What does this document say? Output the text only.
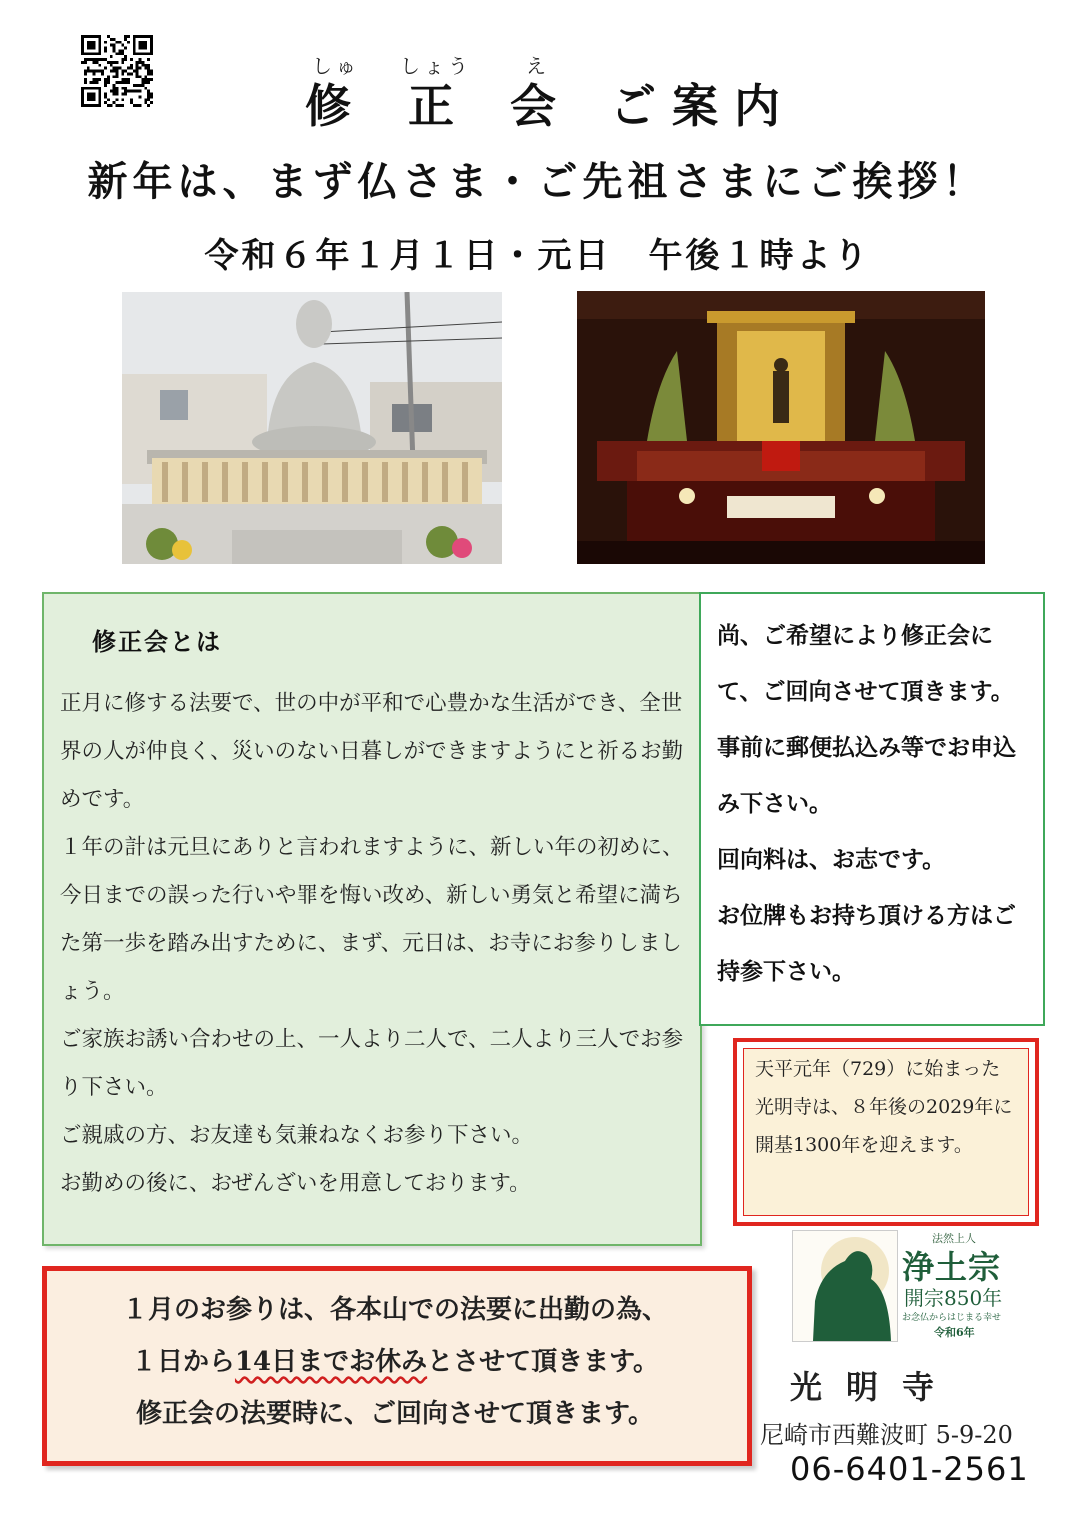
しゅ しょう	え
修 正 会 ご案内
新年は、まず仏さま・ご先祖さまにご挨拶！
令和６年１月１日・元日　午後１時より
修正会とは

正月に修する法要で、世の中が平和で心豊かな生活ができ、全世界の人が仲良く、災いのない日暮しができますようにと祈るお勤めです。

１年の計は元旦にありと言われますように、新しい年の初めに、今日までの誤った行いや罪を悔い改め、新しい勇気と希望に満ちた第一歩を踏み出すために、まず、元日は、お寺にお参りしましょう。

ご家族お誘い合わせの上、一人より二人で、二人より三人でお参り下さい。

ご親戚の方、お友達も気兼ねなくお参り下さい。

お勤めの後に、おぜんざいを用意しております。

尚、ご希望により修正会にて、ご回向させて頂きます。

事前に郵便払込み等でお申込み下さい。

回向料は、お志です。

お位牌もお持ち頂ける方はご持参下さい。

天平元年（729）に始まった光明寺は、８年後の2029年に開基1300年を迎えます。

１月のお参りは、各本山での法要に出勤の為、

１日から14日までお休みとさせて頂きます。

修正会の法要時に、ご回向させて頂きます。

法然上人
浄土宗
開宗850年
お念仏からはじまる幸せ
令和6年
光明寺
尼崎市西難波町 5-9-20
06-6401-2561
